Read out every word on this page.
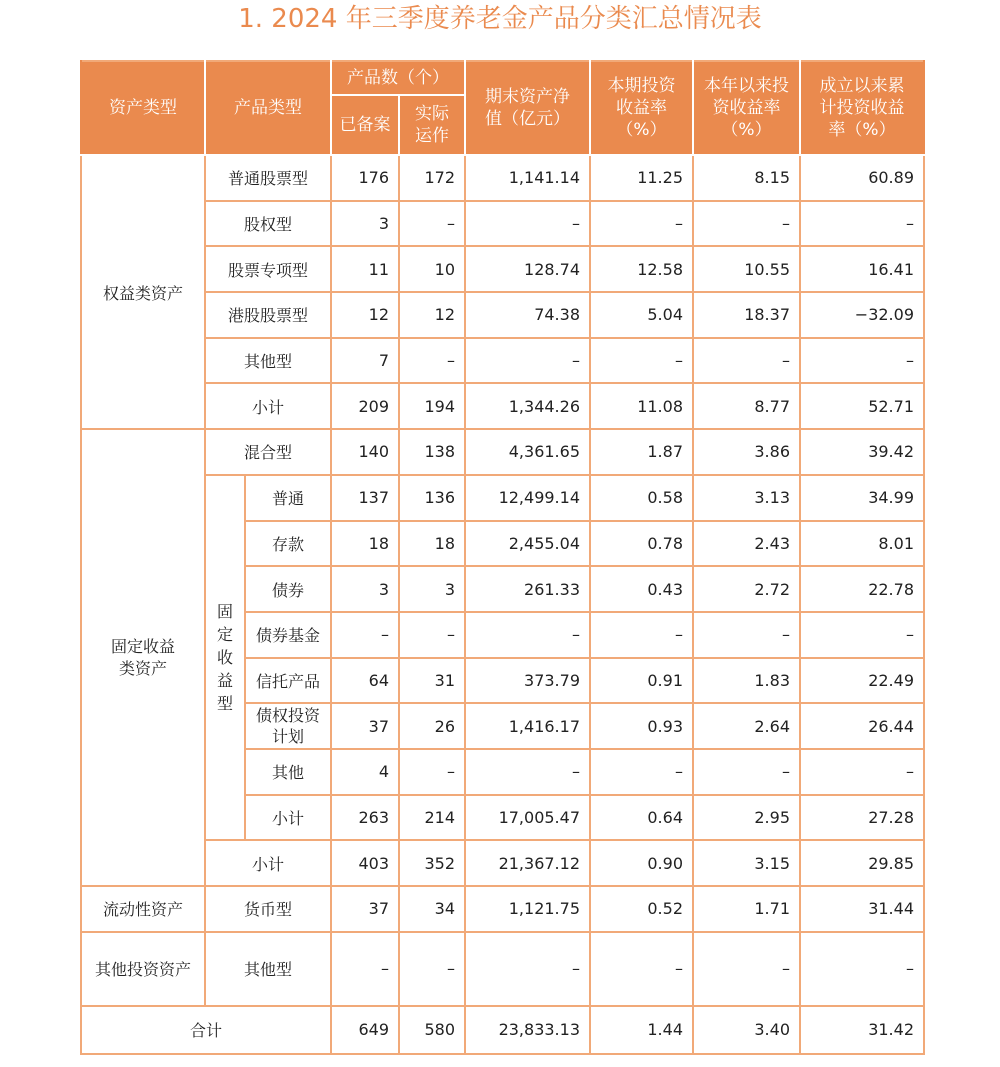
1. 2024 年三季度养老金产品分类汇总情况表
资产类型	产品类型		产品数（个）		期末资产净值（亿元）	本期投资收益率（%）	本年以来投资收益率（%）	成立以来累计投资收益率（%）

			已备案	实际运作				

权益类资产	普通股票型		176	172	1,141.14	11.25	8.15	60.89
	股权型		3	–	–	–	–	–
	股票专项型		11	10	128.74	12.58	10.55	16.41
	港股股票型		12	12	74.38	5.04	18.37	−32.09
	其他型		7	–	–	–	–	–
	小计		209	194	1,344.26	11.08	8.77	52.71

固定收益类资产	混合型		140	138	4,361.65	1.87	3.86	39.42
	固定收益型	普通	137	136	12,499.14	0.58	3.13	34.99
		存款	18	18	2,455.04	0.78	2.43	8.01
		债券	3	3	261.33	0.43	2.72	22.78
		债券基金	–	–	–	–	–	–
		信托产品	64	31	373.79	0.91	1.83	22.49

		债权投资计划	37	26	1,416.17	0.93	2.64	26.44
		其他	4	–	–	–	–	–
		小计	263	214	17,005.47	0.64	2.95	27.28
	小计		403	352	21,367.12	0.90	3.15	29.85
流动性资产	货币型		37	34	1,121.75	0.52	1.71	31.44
其他投资资产	其他型		–	–	–	–	–	–
合计			649	580	23,833.13	1.44	3.40	31.42
